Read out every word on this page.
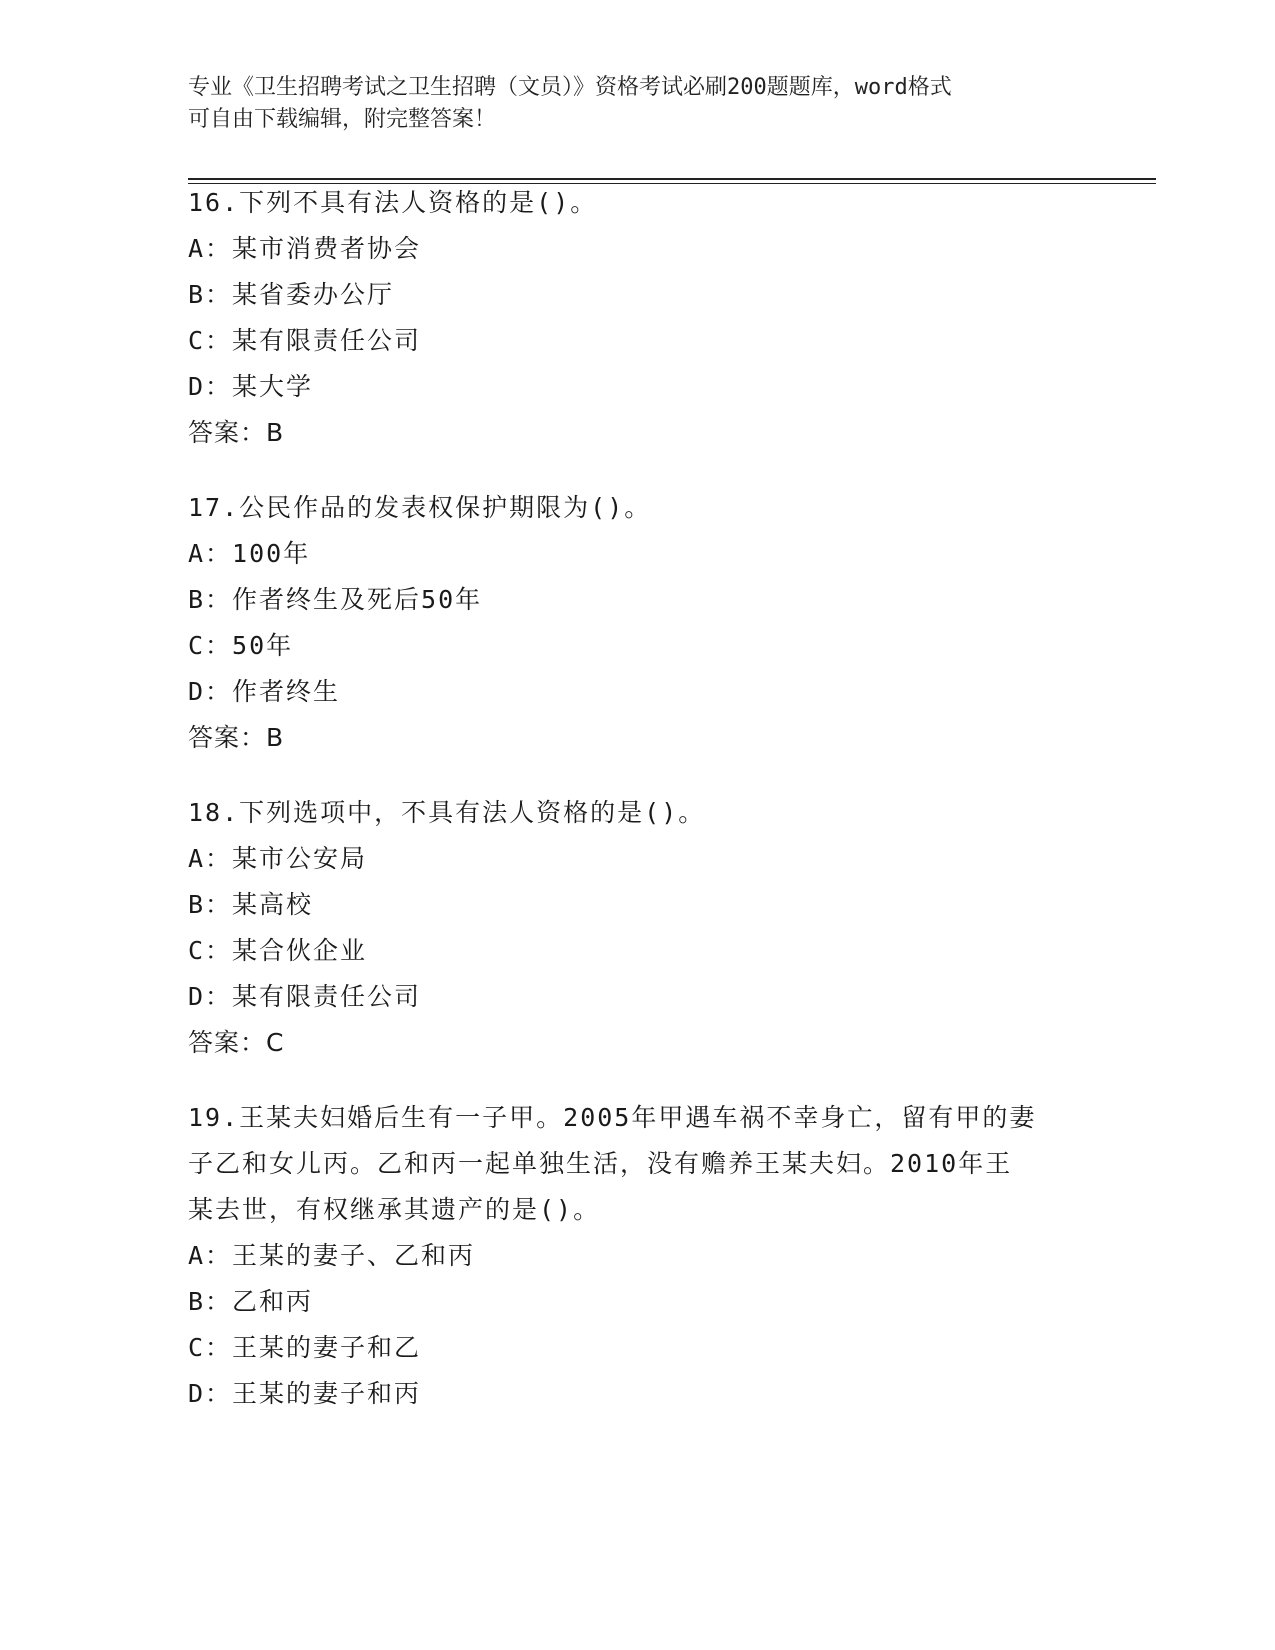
专业《卫生招聘考试之卫生招聘（文员）》资格考试必刷200题题库，word格式
可自由下载编辑，附完整答案！
16.下列不具有法人资格的是()。
A：某市消费者协会
B：某省委办公厅
C：某有限责任公司
D：某大学
答案：B
17.公民作品的发表权保护期限为()。
A：100年
B：作者终生及死后50年
C：50年
D：作者终生
答案：B
18.下列选项中，不具有法人资格的是()。
A：某市公安局
B：某高校
C：某合伙企业
D：某有限责任公司
答案：C
19.王某夫妇婚后生有一子甲。2005年甲遇车祸不幸身亡，留有甲的妻
子乙和女儿丙。乙和丙一起单独生活，没有赡养王某夫妇。2010年王
某去世，有权继承其遗产的是()。
A：王某的妻子、乙和丙
B：乙和丙
C：王某的妻子和乙
D：王某的妻子和丙
